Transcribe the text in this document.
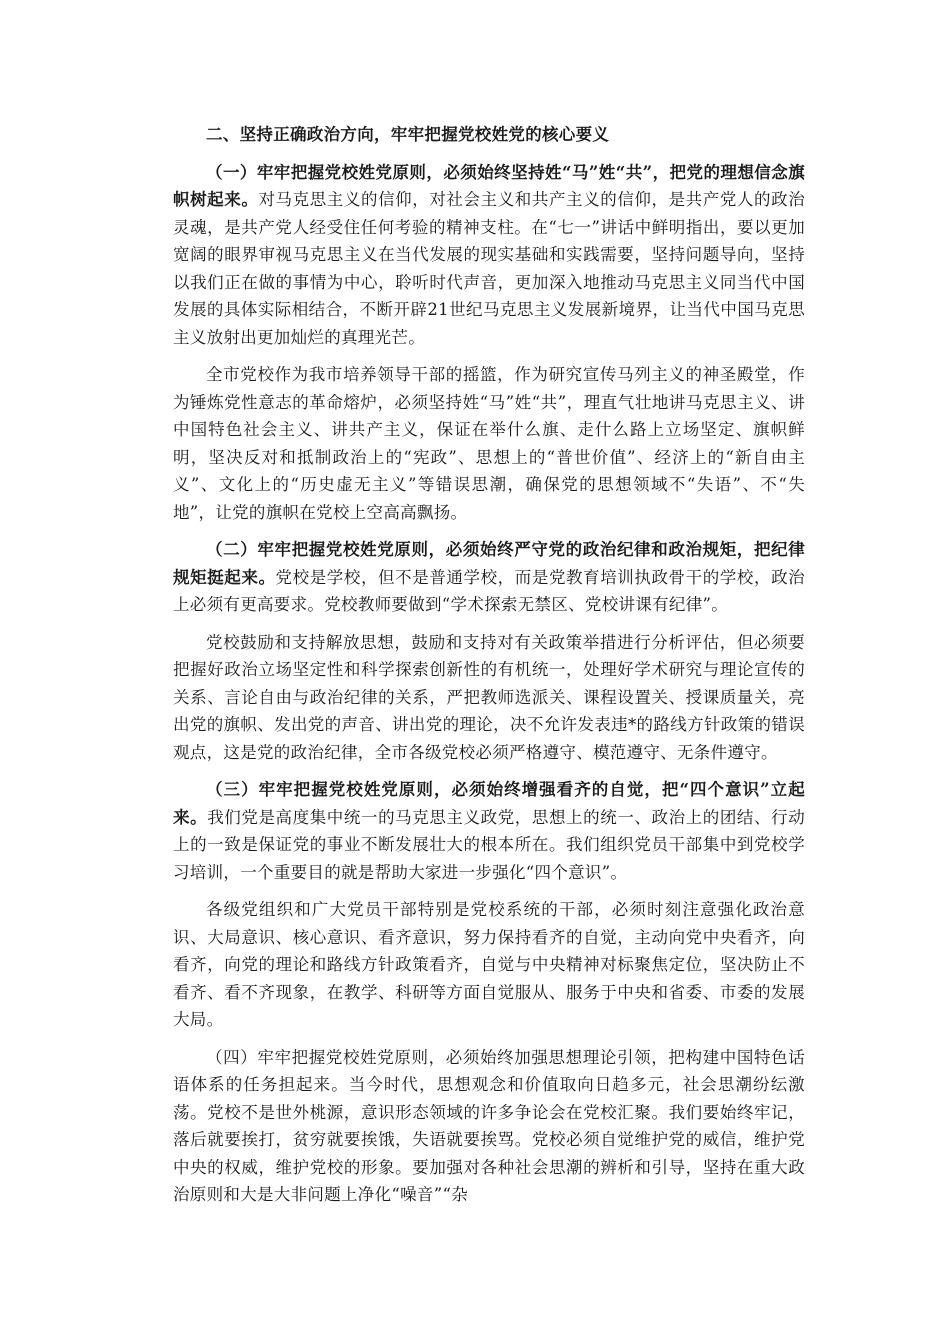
二、坚持正确政治方向，牢牢把握党校姓党的核心要义

（一）牢牢把握党校姓党原则，必须始终坚持姓“马”姓“共”，把党的理想信念旗帜树起来。对马克思主义的信仰，对社会主义和共产主义的信仰，是共产党人的政治灵魂，是共产党人经受住任何考验的精神支柱。在“七一”讲话中鲜明指出，要以更加宽阔的眼界审视马克思主义在当代发展的现实基础和实践需要，坚持问题导向，坚持以我们正在做的事情为中心，聆听时代声音，更加深入地推动马克思主义同当代中国发展的具体实际相结合，不断开辟21世纪马克思主义发展新境界，让当代中国马克思主义放射出更加灿烂的真理光芒。

全市党校作为我市培养领导干部的摇篮，作为研究宣传马列主义的神圣殿堂，作为锤炼党性意志的革命熔炉，必须坚持姓“马”姓“共”，理直气壮地讲马克思主义、讲中国特色社会主义、讲共产主义，保证在举什么旗、走什么路上立场坚定、旗帜鲜明，坚决反对和抵制政治上的“宪政”、思想上的“普世价值”、经济上的“新自由主义”、文化上的“历史虚无主义”等错误思潮，确保党的思想领域不“失语”、不“失地”，让党的旗帜在党校上空高高飘扬。

（二）牢牢把握党校姓党原则，必须始终严守党的政治纪律和政治规矩，把纪律规矩挺起来。党校是学校，但不是普通学校，而是党教育培训执政骨干的学校，政治上必须有更高要求。党校教师要做到“学术探索无禁区、党校讲课有纪律”。

党校鼓励和支持解放思想，鼓励和支持对有关政策举措进行分析评估，但必须要把握好政治立场坚定性和科学探索创新性的有机统一，处理好学术研究与理论宣传的关系、言论自由与政治纪律的关系，严把教师选派关、课程设置关、授课质量关，亮出党的旗帜、发出党的声音、讲出党的理论，决不允许发表违*的路线方针政策的错误观点，这是党的政治纪律，全市各级党校必须严格遵守、模范遵守、无条件遵守。

（三）牢牢把握党校姓党原则，必须始终增强看齐的自觉，把“四个意识”立起来。我们党是高度集中统一的马克思主义政党，思想上的统一、政治上的团结、行动上的一致是保证党的事业不断发展壮大的根本所在。我们组织党员干部集中到党校学习培训，一个重要目的就是帮助大家进一步强化“四个意识”。

各级党组织和广大党员干部特别是党校系统的干部，必须时刻注意强化政治意识、大局意识、核心意识、看齐意识，努力保持看齐的自觉，主动向党中央看齐，向看齐，向党的理论和路线方针政策看齐，自觉与中央精神对标聚焦定位，坚决防止不看齐、看不齐现象，在教学、科研等方面自觉服从、服务于中央和省委、市委的发展大局。

（四）牢牢把握党校姓党原则，必须始终加强思想理论引领，把构建中国特色话语体系的任务担起来。当今时代，思想观念和价值取向日趋多元，社会思潮纷纭激荡。党校不是世外桃源，意识形态领域的许多争论会在党校汇聚。我们要始终牢记，落后就要挨打，贫穷就要挨饿，失语就要挨骂。党校必须自觉维护党的威信，维护党中央的权威，维护党校的形象。要加强对各种社会思潮的辨析和引导，坚持在重大政治原则和大是大非问题上净化“噪音”“杂
